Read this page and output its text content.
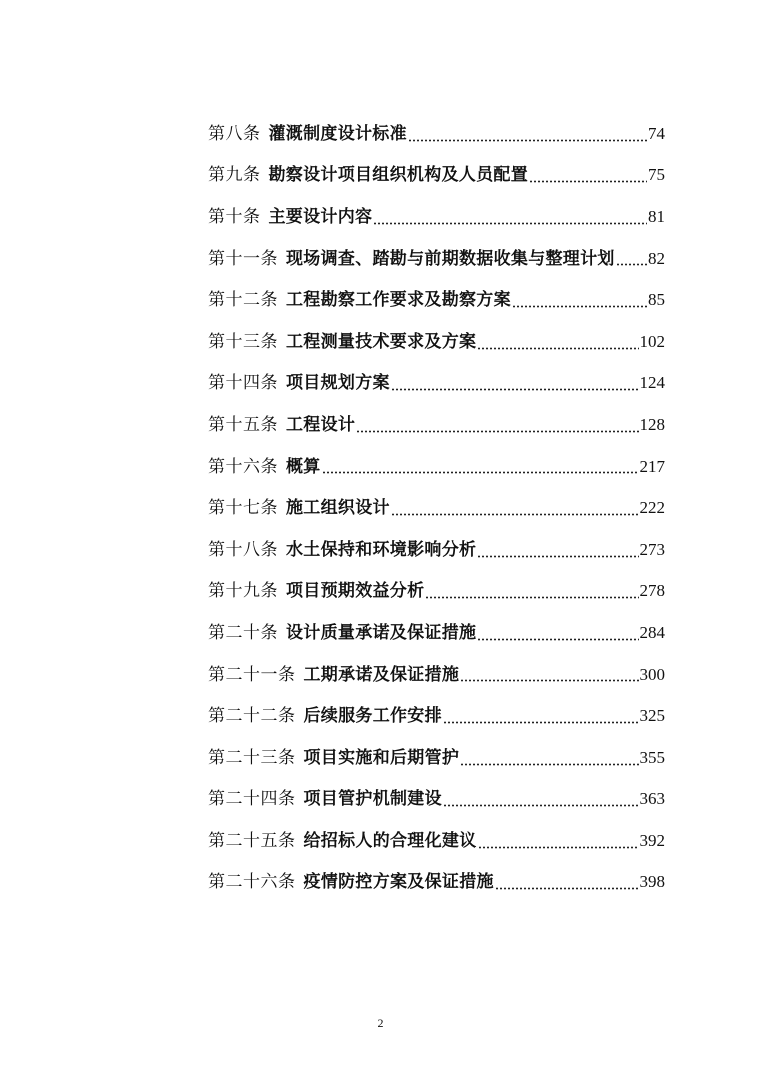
第八条 灌溉制度设计标准	74
第九条 勘察设计项目组织机构及人员配置	75
第十条 主要设计内容	81
第十一条 现场调查、踏勘与前期数据收集与整理计划 82
第十二条 工程勘察工作要求及勘察方案	85
第十三条 工程测量技术要求及方案	102
第十四条 项目规划方案	124
第十五条 工程设计	128
第十六条 概算	217
第十七条 施工组织设计	222
第十八条 水土保持和环境影响分析	273
第十九条 项目预期效益分析	278
第二十条 设计质量承诺及保证措施	284
第二十一条 工期承诺及保证措施	300
第二十二条 后续服务工作安排	325
第二十三条 项目实施和后期管护	355
第二十四条 项目管护机制建设	363
第二十五条 给招标人的合理化建议	392
第二十六条 疫情防控方案及保证措施	398
2
